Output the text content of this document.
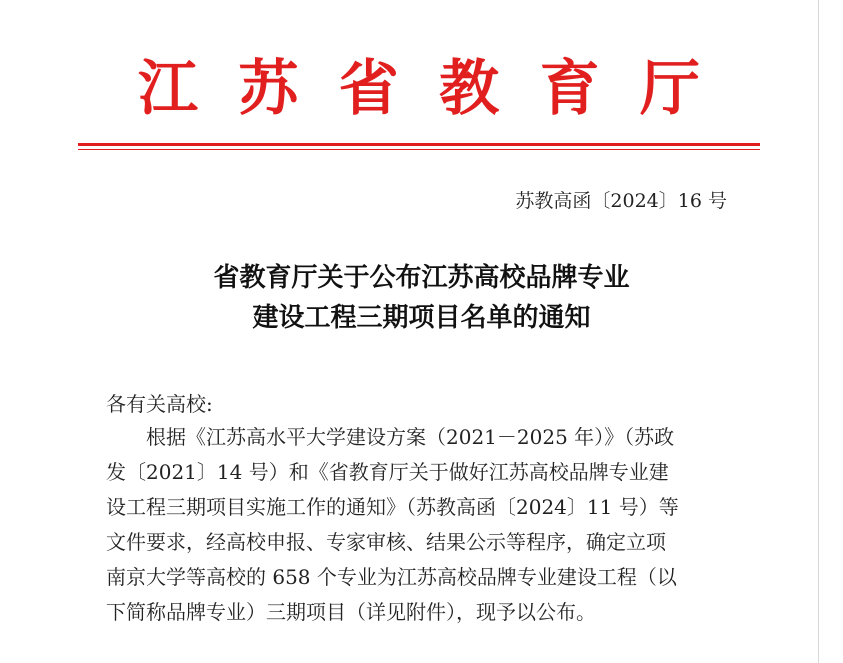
江 苏 省 教 育 厅
苏教高函〔2024〕16 号
省教育厅关于公布江苏高校品牌专业
建设工程三期项目名单的通知
各有关高校:
根据《江苏高水平大学建设方案（2021－2025 年）》（苏政
发〔2021〕14 号）和《省教育厅关于做好江苏高校品牌专业建
设工程三期项目实施工作的通知》（苏教高函〔2024〕11 号）等
文件要求，经高校申报、专家审核、结果公示等程序，确定立项
南京大学等高校的 658 个专业为江苏高校品牌专业建设工程（以
下简称品牌专业）三期项目（详见附件），现予以公布。
